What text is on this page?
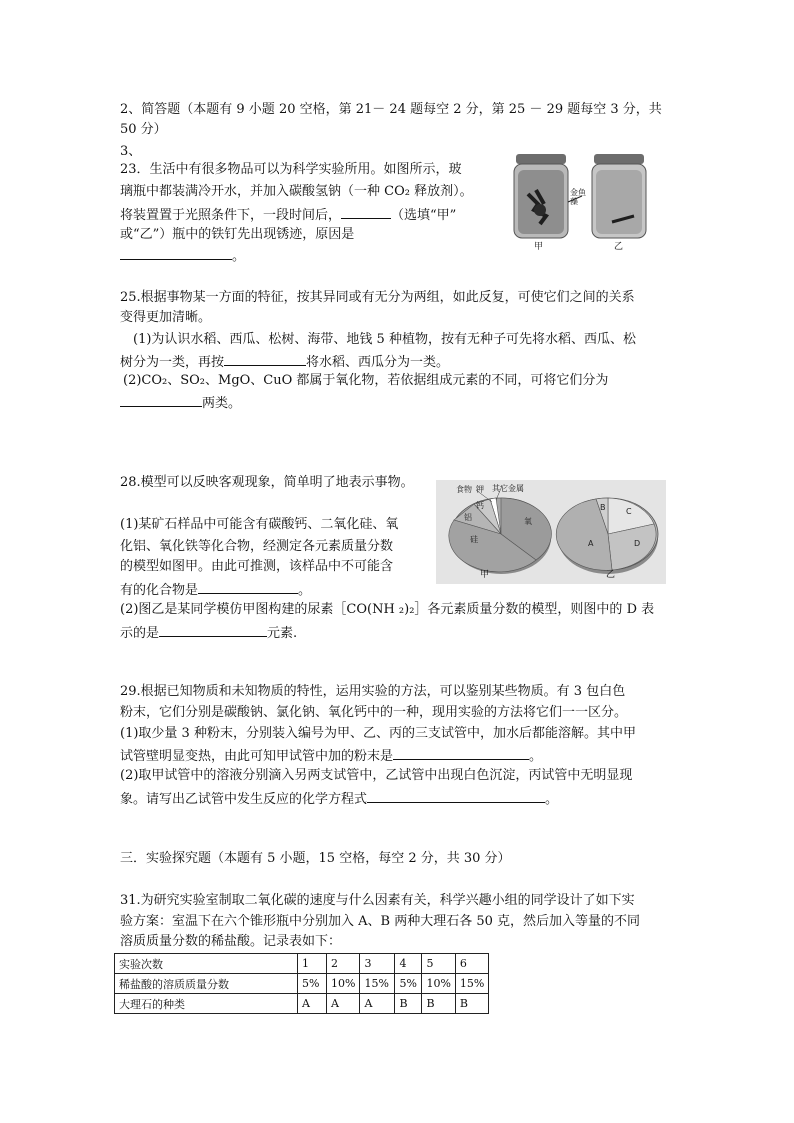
2、简答题（本题有 9 小题 20 空格，第 21－ 24 题每空 2 分，第 25 － 29 题每空 3 分，共
50 分）
3、
23．生活中有很多物品可以为科学实验所用。如图所示，玻
璃瓶中都装满冷开水，并加入碳酸氢钠（一种 CO₂ 释放剂）。
将装置置于光照条件下，一段时间后，	（选填“甲”
或“乙”）瓶中的铁钉先出现锈迹，原因是
。
金鱼藻
甲	乙
25.根据事物某一方面的特征，按其异同或有无分为两组，如此反复，可使它们之间的关系
变得更加清晰。
(1)为认识水稻、西瓜、松树、海带、地钱 5 种植物，按有无种子可先将水稻、西瓜、松
树分为一类，再按	将水稻、西瓜分为一类。
(2)CO₂、SO₂、MgO、CuO 都属于氧化物，若依据组成元素的不同，可将它们分为
两类。
28.模型可以反映客观现象，简单明了地表示事物。
(1)某矿石样品中可能含有碳酸钙、二氧化硅、氧
化铝、氧化铁等化合物，经测定各元素质量分数
的模型如图甲。由此可推测，该样品中不可能含
有的化合物是	。
(2)图乙是某同学模仿甲图构建的尿素［CO(NH ₂)₂］各元素质量分数的模型，则图中的 D 表
示的是	元素.
氧
硅
铝
钙
食物 钾 其它金属
A
B	C
D
甲	乙
29.根据已知物质和未知物质的特性，运用实验的方法，可以鉴别某些物质。有 3 包白色
粉末，它们分别是碳酸钠、氯化钠、氧化钙中的一种，现用实验的方法将它们一一区分。
(1)取少量 3 种粉末，分别装入编号为甲、乙、丙的三支试管中，加水后都能溶解。其中甲
试管壁明显变热，由此可知甲试管中加的粉末是	。
(2)取甲试管中的溶液分别滴入另两支试管中，乙试管中出现白色沉淀，丙试管中无明显现
象。请写出乙试管中发生反应的化学方程式	。
三．实验探究题（本题有 5 小题，15 空格，每空 2 分，共 30 分）
31.为研究实验室制取二氧化碳的速度与什么因素有关，科学兴趣小组的同学设计了如下实
验方案：室温下在六个锥形瓶中分别加入 A、B 两种大理石各 50 克，然后加入等量的不同
溶质质量分数的稀盐酸。记录表如下：
实验次数	1	2	3	4	5	6
稀盐酸的溶质质量分数	5%	10%	15%	5%	10%	15%
大理石的种类	A	A	A	B	B	B
